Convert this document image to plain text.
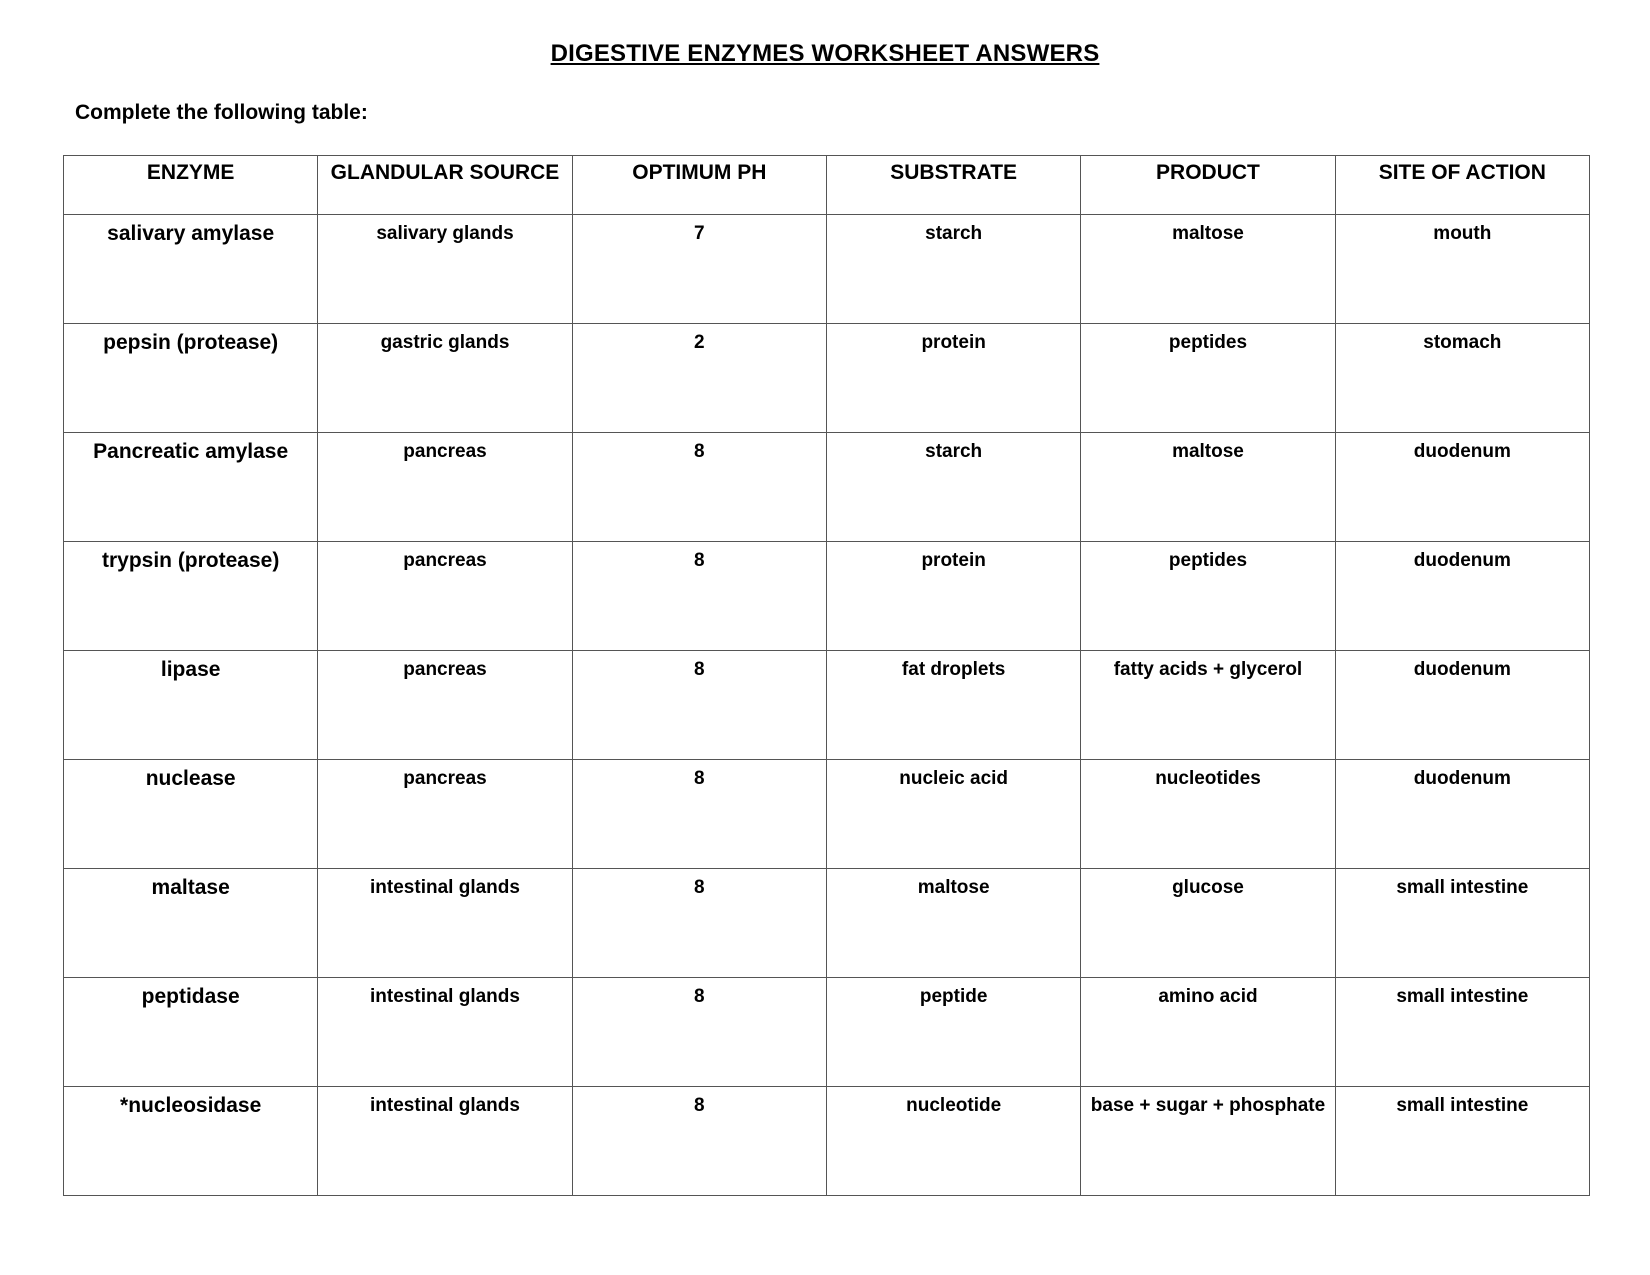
DIGESTIVE ENZYMES WORKSHEET ANSWERS
Complete the following table:
ENZYME	GLANDULAR SOURCE	OPTIMUM PH	SUBSTRATE	PRODUCT	SITE OF ACTION
salivary amylase	salivary glands	7	starch	maltose	mouth
pepsin (protease)	gastric glands	2	protein	peptides	stomach
Pancreatic amylase	pancreas	8	starch	maltose	duodenum
trypsin (protease)	pancreas	8	protein	peptides	duodenum
lipase	pancreas	8	fat droplets	fatty acids + glycerol	duodenum
nuclease	pancreas	8	nucleic acid	nucleotides	duodenum
maltase	intestinal glands	8	maltose	glucose	small intestine
peptidase	intestinal glands	8	peptide	amino acid	small intestine
*nucleosidase	intestinal glands	8	nucleotide	base + sugar + phosphate	small intestine
